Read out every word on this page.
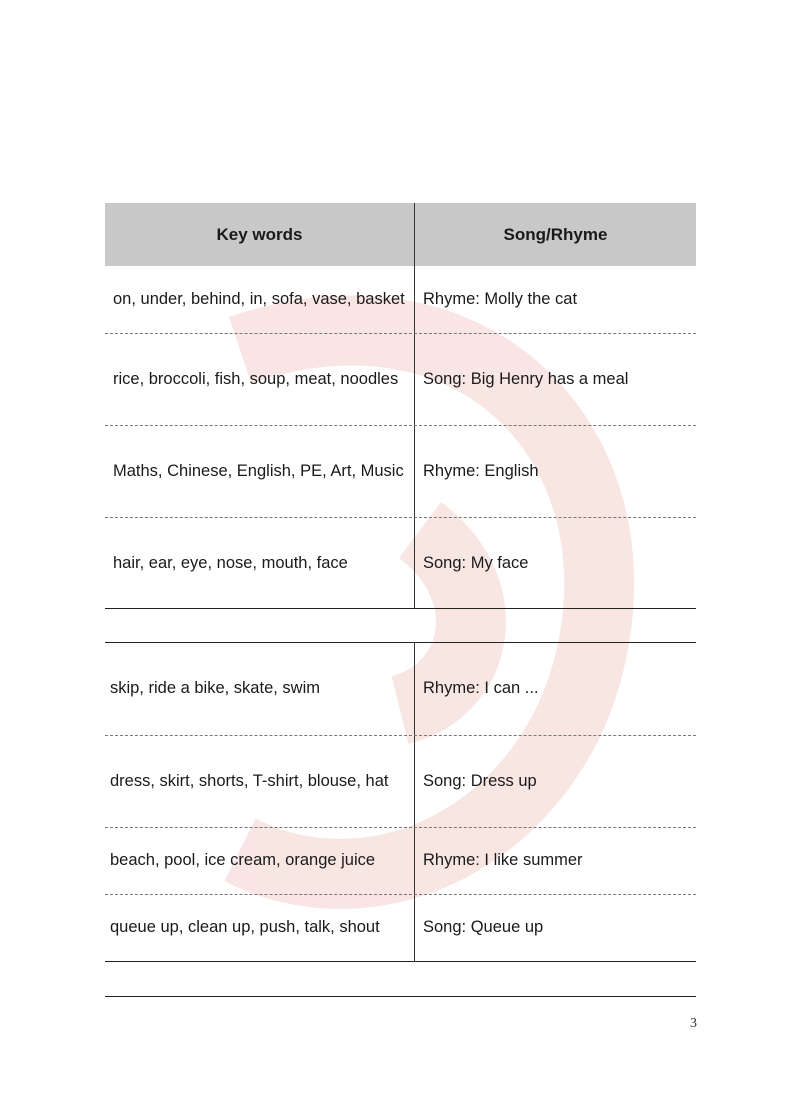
Key words	Song/Rhyme
on, under, behind, in, sofa, vase, basket	Rhyme: Molly the cat
rice, broccoli, fish, soup, meat, noodles	Song: Big Henry has a meal
Maths, Chinese, English, PE, Art, Music	Rhyme: English
hair, ear, eye, nose, mouth, face	Song: My face
skip, ride a bike, skate, swim	Rhyme: I can ...
dress, skirt, shorts, T-shirt, blouse, hat	Song: Dress up
beach, pool, ice cream, orange juice	Rhyme: I like summer
queue up, clean up, push, talk, shout	Song: Queue up
3
